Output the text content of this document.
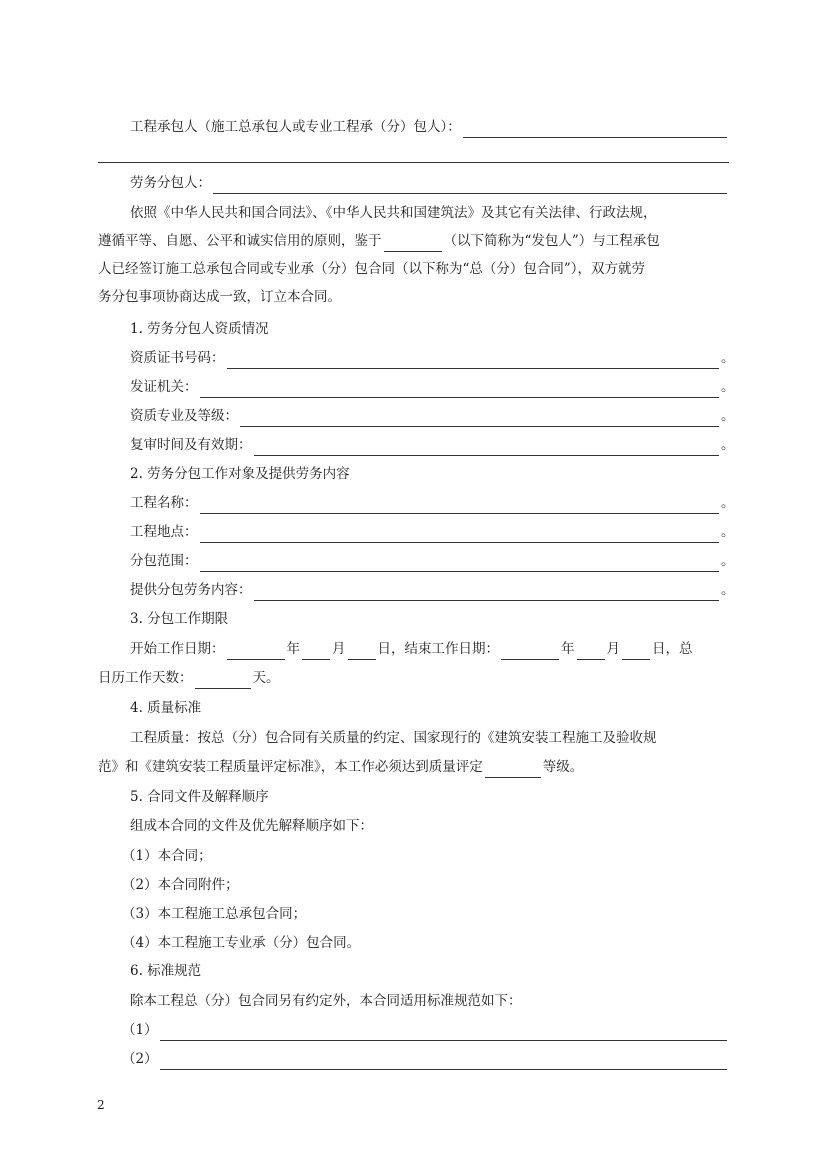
工程承包人（施工总承包人或专业工程承（分）包人）：
劳务分包人：
依照《中华人民共和国合同法》、《中华人民共和国建筑法》及其它有关法律、行政法规，
遵循平等、自愿、公平和诚实信用的原则，鉴于	（以下简称为“发包人”）与工程承包
人已经签订施工总承包合同或专业承（分）包合同（以下称为“总（分）包合同”），双方就劳
务分包事项协商达成一致，订立本合同。
1. 劳务分包人资质情况
资质证书号码：	。
发证机关：	。
资质专业及等级：	。
复审时间及有效期：	。
2. 劳务分包工作对象及提供劳务内容
工程名称：	。
工程地点：	。
分包范围：	。
提供分包劳务内容：	。
3. 分包工作期限
开始工作日期：	年 月 日， 结束工作日期：	年 月 日，总
日历工作天数：	天。
4. 质量标准
工程质量：按总（分）包合同有关质量的约定、国家现行的《建筑安装工程施工及验收规
范》和《建筑安装工程质量评定标准》，本工作必须达到质量评定	等级。
5. 合同文件及解释顺序
组成本合同的文件及优先解释顺序如下：
（1）本合同；
（2）本合同附件；
（3）本工程施工总承包合同；
（4）本工程施工专业承（分）包合同。
6. 标准规范
除本工程总（分）包合同另有约定外，本合同适用标准规范如下：
（1）
（2）
2
